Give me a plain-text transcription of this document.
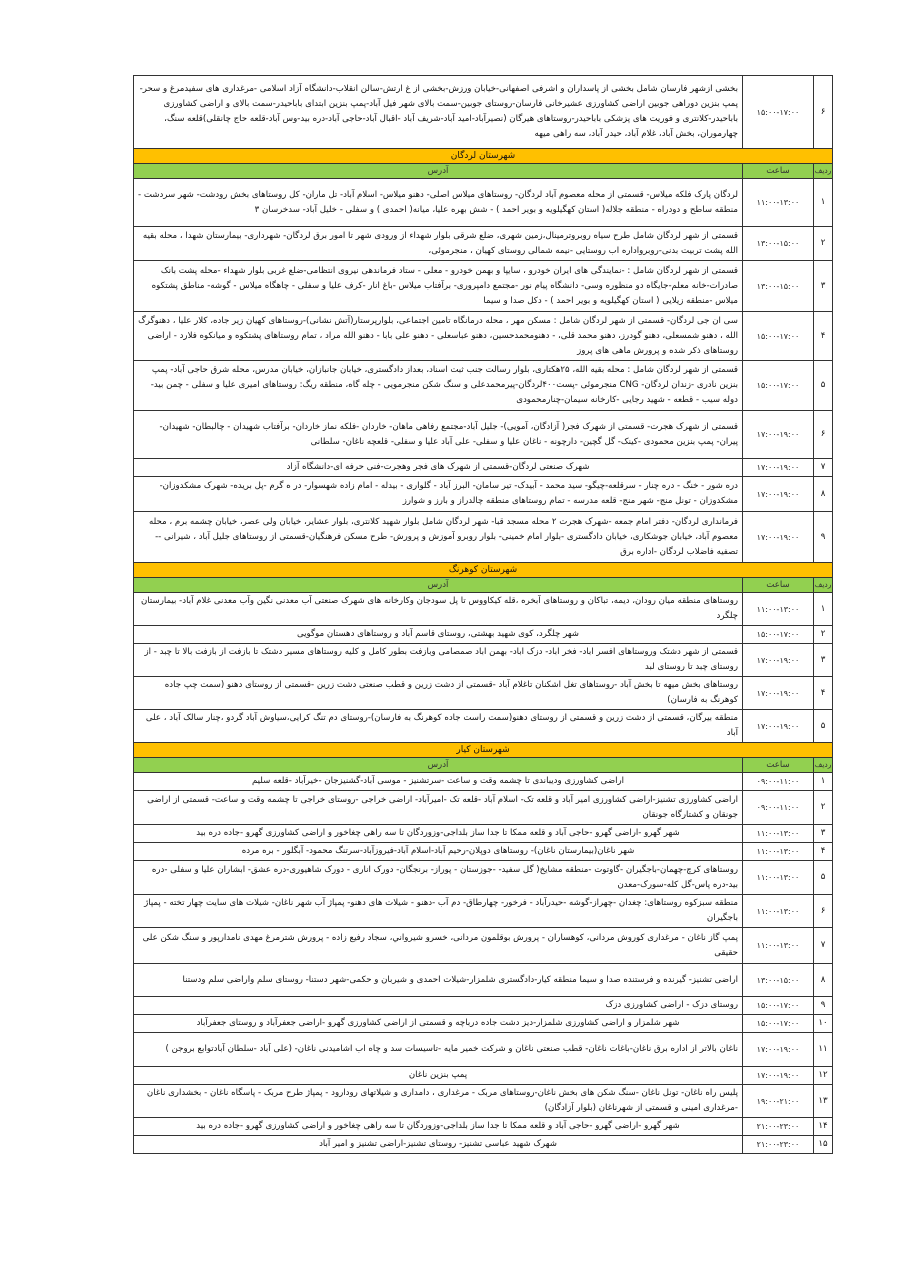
۶	۱۵:۰۰-۱۷:۰۰	بخشی ازشهر فارسان شامل بخشی از پاسداران و اشرفی اصفهانی-خیابان ورزش-بخشی از غ ارتش-سالن انقلاب-دانشگاه آزاد اسلامی -مرغداری های سفیدمرغ و سحر-پمپ بنزین دوراهی جوبین اراضی کشاورزی عشیرخانی فارسان-روستای جوبین-سمت بالای شهر فیل آباد-پمپ بنزین ابتدای باباحیدر-سمت بالای و اراضی کشاورزی باباحیدر-کلانتری و فوریت های پزشکی باباحیدر-روستاهای هیرگان (نصیرآباد-امید آباد-شریف آباد -اقبال آباد-حاجی آباد-دره بید-وس آباد-قلعه حاج چانقلی)قلعه سنگ، چهارموران، بخش آباد، غلام آباد، حیدر آباد، سه راهی میهه
شهرستان لردگان		
ردیف	ساعت	آدرس
۱	۱۱:۰۰-۱۳:۰۰	لردگان پارک فلکه میلاس- قسمتی از محله معصوم آباد لردگان- روستاهای میلاس اصلی- دهنو میلاس- اسلام آباد- تل ماران- کل روستاهای بخش رودشت- شهر سردشت - منطقه ساطح و دودراه - منطقه جلاله( استان کهگیلویه و بویر احمد ) - شش بهره علیا، میانه( احمدی ) و سفلی - خلیل آباد- سدخرسان ۳
۲	۱۳:۰۰-۱۵:۰۰	قسمتی از شهر لردگان شامل طرح سیاه روبروترمینال،زمین شهری، ضلع شرقی بلوار شهداء از ورودی شهر تا امور برق لردگان- شهرداری- بیمارستان شهدا ، محله بقیه الله پشت تربیت بدنی-روبرواداره اب روستایی -نیمه شمالی روستای کهیان ، منجرموئی،
۳	۱۳:۰۰-۱۵:۰۰	قسمتی از شهر لردگان شامل : -نمایندگی های ایران خودرو ، سایپا و بهمن خودرو - معلی - ستاد فرماندهی نیروی انتظامی-ضلع غربی بلوار شهداء -محله پشت بانک صادرات-خانه معلم-جایگاه دو منظوره وسی- دانشگاه پیام نور -مجتمع دامپروری- برآفتاب میلاس -باغ انار -کرف علیا و سفلی - چاهگاه میلاس - گوشه- مناطق پشتکوه میلاس -منطقه زیلایی ( استان کهگیلویه و بویر احمد ) - دکل صدا و سیما
۴	۱۵:۰۰-۱۷:۰۰	سی ان جی لردگان- قسمتی از شهر لردگان شامل : مسکن مهر ، محله درمانگاه تامین اجتماعی، بلوارپرستار(آتش نشانی)-روستاهای کهیان زیر جاده، کلار علیا ، دهنوگرگ الله ، دهنو شمسعلی، دهنو گودرز، دهنو محمد قلی، - دهنومحمدحسین، دهنو عباسعلی - دهنو علی بابا - دهنو الله مراد ، تمام روستاهای پشتکوه و میانکوه فلارد - اراضی روستاهای ذکر شده و پرورش ماهی های پروز
۵	۱۵:۰۰-۱۷:۰۰	قسمتی از شهر لردگان شامل : محله بقیه الله، ۲۵هکتاری، بلوار رسالت جنب ثبت اسناد، بعداز دادگستری، خیابان جانبازان، خیابان مدرس، محله شرق حاجی آباد- پمپ بنزین نادری -زندان لردگان- CNG منجرموئی -پست۴۰۰لردگان-پیرمحمدعلی و سنگ شکن منجرمویی - چله گاه، منطقه ریگ: روستاهای امیری علیا و سفلی - چمن بید- دوله سیب - قطعه - شهید رجایی -کارخانه سیمان-چنارمحمودی
۶	۱۷:۰۰-۱۹:۰۰	قسمتی از شهرک هجرت- قسمتی از شهرک فجر( آزادگان، آمویی)- جلیل آباد-مجتمع رفاهی ماهان- خاردان -فلکه نماز خاردان- برآفتاب شهیدان - چالبطان- شهیدان- پیران- پمپ بنزین محمودی -کینک- گل گچین- دارچونه - ناغان علیا و سفلی- علی آباد علیا و سفلی- قلعچه ناغان- سلطانی
۷	۱۷:۰۰-۱۹:۰۰	شهرک صنعتی لردگان-قسمتی از شهرک های فجر وهجرت-فنی حرفه ای-دانشگاه آزاد
۸	۱۷:۰۰-۱۹:۰۰	دره شور - خنگ - دره چنار - سرقلعه-چیگو- سید محمد - آبیدک- تیر سامان- البرز آباد - گلواری - بیدله - امام زاده شهسوار- در ه گرم -پل بریده- شهرک مشکدوزان- مشکدوزان - تونل منج- شهر منج- قلعه مدرسه - تمام روستاهای منطقه چالدراز و بارز و شوارز
۹	۱۷:۰۰-۱۹:۰۰	فرمانداری لردگان- دفتر امام جمعه -شهرک هجرت ۲ محله مسجد قبا- شهر لردگان شامل بلوار شهید کلانتری، بلوار عشایر، خیابان ولی عصر، خیابان چشمه برم ، محله معصوم آباد، خیابان جوشکاری، خیابان دادگستری -بلوار امام خمینی- بلوار روبرو آموزش و پرورش- طرح مسکن فرهنگیان-قسمتی از روستاهای جلیل آباد ، شیرانی -- تصفیه فاضلاب لردگان -اداره برق
شهرستان کوهرنگ		
ردیف	ساعت	آدرس
۱	۱۱:۰۰-۱۳:۰۰	روستاهای منطقه میان رودان، دیمه، تباکان و روستاهای آبخره ،قله کیکاووس تا پل سودجان وکارخانه های شهرک صنعتی آب معدنی نگین وآب معدنی غلام آباد- بیمارستان چلگرد
۲	۱۵:۰۰-۱۷:۰۰	شهر چلگرد، کوی شهید بهشتی، روستای قاسم آباد و روستاهای دهستان موگویی
۳	۱۷:۰۰-۱۹:۰۰	قسمتی از شهر دشتک وروستاهای افسر اباد- فخر اباد- دزک اباد- بهمن اباد صمصامی وبازفت بطور کامل و کلیه روستاهای مسیر دشتک تا بازفت از بازفت بالا تا چبد - از روستای چبد تا روستای لبد
۴	۱۷:۰۰-۱۹:۰۰	روستاهای بخش میهه تا بخش آباد -روستاهای تغل اشکنان تاغلام آباد -قسمتی از دشت زرین و قطب صنعتی دشت زرین -قسمتی از روستای دهنو (سمت چپ جاده کوهرنگ به فارسان)
۵	۱۷:۰۰-۱۹:۰۰	منطقه بیرگان، قسمتی از دشت زرین و قسمتی از روستای دهنو(سمت راست جاده کوهرنگ به فارسان)-روستای دم تنگ کرایی،سیاوش آباد گردو ،چنار سالک آباد ، علی آباد
شهرستان کیار		
ردیف	ساعت	آدرس
۱	۰۹:۰۰-۱۱:۰۰	اراضی کشاورزی ودیباندی تا چشمه وقت و ساعت -سرتشنیز - موسی آباد-گشنیزجان -خیرآباد -قلعه سلیم
۲	۰۹:۰۰-۱۱:۰۰	اراضی کشاورزی تشنیز-اراضی کشاورزی امیر آباد و قلعه تک- اسلام آباد -قلعه تک -امیرآباد- اراضی خراجی -روستای خراجی تا چشمه وقت و ساعت- قسمتی از اراضی جونقان و کشتارگاه جونقان
۳	۱۱:۰۰-۱۳:۰۰	شهر گهرو -اراضی گهرو -حاجی آباد و قلعه ممکا تا جدا ساز بلداجی-وزوردگان تا سه راهی چغاخور و اراضی کشاورزی گهرو -جاده دره بید
۴	۱۱:۰۰-۱۳:۰۰	شهر ناغان(بیمارستان ناغان)- روستاهای دوپلان-رحیم آباد-اسلام آباد-فیروزآباد-سرتنگ محمود- آبگلور - بره مرده
۵	۱۱:۰۰-۱۳:۰۰	روستاهای کرچ-چهمان-باجگیران -گاوتوت -منطقه مشایخ( گل سفید- -جوزستان - پوراز- برنجگان- دورک اناری - دورک شاهیوری-دره عشق- ابشاران علیا و سفلی -دره بید-دره پاس-گل کله-سورک-معدن
۶	۱۱:۰۰-۱۳:۰۰	منطقه سبزکوه روستاهای: چغدان -چهراز-گوشه -حیدرآباد - فرخور- چهارطاق- دم آب -دهنو - شیلات های دهنو- پمپاژ آب شهر ناغان- شیلات های سایت چهار تخته - پمپاژ باجگیران
۷	۱۱:۰۰-۱۳:۰۰	پمپ گاز ناغان - مرغداری کوروش مردانی، کوهساران - پرورش بوقلمون مردانی، خسرو شیرواني، سجاد رفیع زاده - پرورش شترمرغ مهدی نامدارپور و سنگ شکن علی حقیقی
۸	۱۳:۰۰-۱۵:۰۰	اراضی تشنیز- گیرنده و فرستنده صدا و سیما منطقه کیار-دادگستری شلمزار-شیلات احمدی و شیربان و حکمی-شهر دستنا- روستای سلم واراضی سلم ودستنا
۹	۱۵:۰۰-۱۷:۰۰	روستای دزک - اراضی کشاورزی دزک
۱۰	۱۵:۰۰-۱۷:۰۰	شهر شلمزار و اراضی کشاورزی شلمزار-دیز دشت جاده درباچه و قسمتی از اراضی کشاورزی گهرو -اراضی جعفرآباد و روستای جعفرآباد
۱۱	۱۷:۰۰-۱۹:۰۰	ناغان بالاتر از اداره برق ناغان-باغات ناغان- قطب صنعتی ناغان و شرکت خمیر مایه -تاسیسات سد و چاه اب اشامیدنی ناغان- (علی آباد -سلطان آبادتوابع بروجن )
۱۲	۱۷:۰۰-۱۹:۰۰	پمپ بنزین ناغان
۱۳	۱۹:۰۰-۲۱:۰۰	پلیس راه ناغان- تونل ناغان -سنگ شکن های بخش ناغان-روستاهای مربک - مرغداری ، دامداری و شیلاتهای رودارود - پمپاژ طرح مربک - پاسگاه ناغان - بخشداری ناغان -مرغداری امینی و قسمتی از شهرناغان (بلوار آزادگان)
۱۴	۲۱:۰۰-۲۳:۰۰	شهر گهرو -اراضی گهرو -حاجی آباد و قلعه ممکا تا جدا ساز بلداجی-وزوردگان تا سه راهی چغاخور و اراضی کشاورزی گهرو -جاده دره بید
۱۵	۲۱:۰۰-۲۳:۰۰	شهرک شهید عباسی تشنیز- روستای تشنیز-اراضی تشنیز و امیر آباد
